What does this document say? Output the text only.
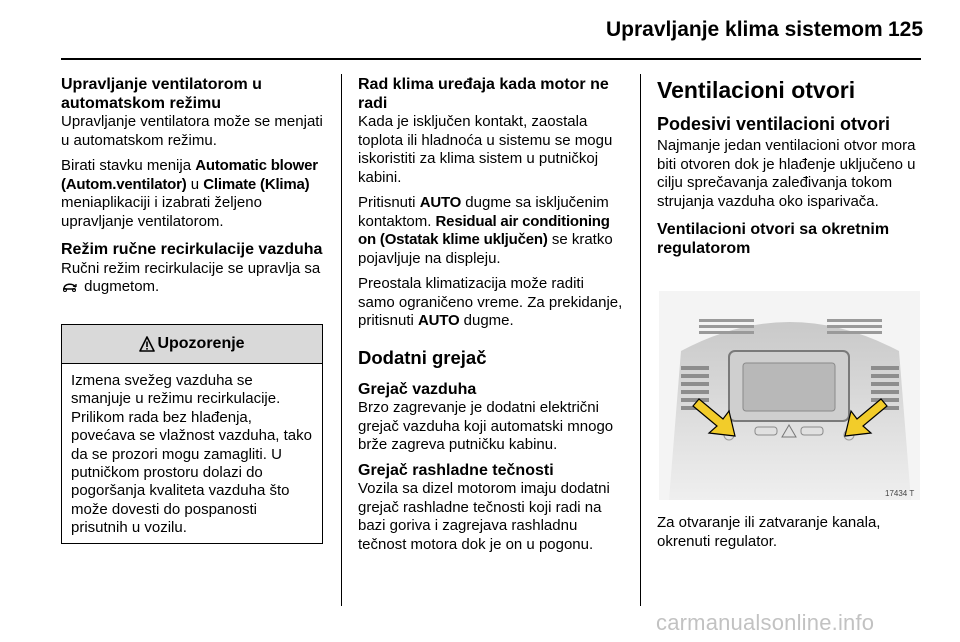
Upravljanje klima sistemom 125
Upravljanje ventilatorom u automatskom režimu

Upravljanje ventilatora može se menjati u automatskom režimu.

Birati stavku menija Automatic blower (Autom.ventilator) u Climate (Klima) meniaplikaciji i izabrati željeno upravljanje ventilatorom.

Režim ručne recirkulacije vazduha

Ručni režim recirkulacije se upravlja sa  dugmetom.

Upozorenje
Izmena svežeg vazduha se smanjuje u režimu recirkulacije. Prilikom rada bez hlađenja, povećava se vlažnost vazduha, tako da se prozori mogu zamagliti. U putničkom prostoru dolazi do pogoršanja kvaliteta vazduha što može dovesti do pospanosti prisutnih u vozilu.
Rad klima uređaja kada motor ne radi

Kada je isključen kontakt, zaostala toplota ili hladnoća u sistemu se mogu iskoristiti za klima sistem u putničkoj kabini.

Pritisnuti AUTO dugme sa isključenim kontaktom. Residual air conditioning on (Ostatak klime uključen) se kratko pojavljuje na displeju.

Preostala klimatizacija može raditi samo ograničeno vreme. Za prekidanje, pritisnuti AUTO dugme.

Dodatni grejač
Grejač vazduha

Brzo zagrevanje je dodatni električni grejač vazduha koji automatski mnogo brže zagreva putničku kabinu.

Grejač rashladne tečnosti

Vozila sa dizel motorom imaju dodatni grejač rashladne tečnosti koji radi na bazi goriva i zagrejava rashladnu tečnost motora dok je on u pogonu.

Ventilacioni otvori
Podesivi ventilacioni otvori

Najmanje jedan ventilacioni otvor mora biti otvoren dok je hlađenje uključeno u cilju sprečavanja zaleđivanja tokom strujanja vazduha oko isparivača.

Ventilacioni otvori sa okretnim regulatorom
17434 T

Za otvaranje ili zatvaranje kanala, okrenuti regulator.

carmanualsonline.info
